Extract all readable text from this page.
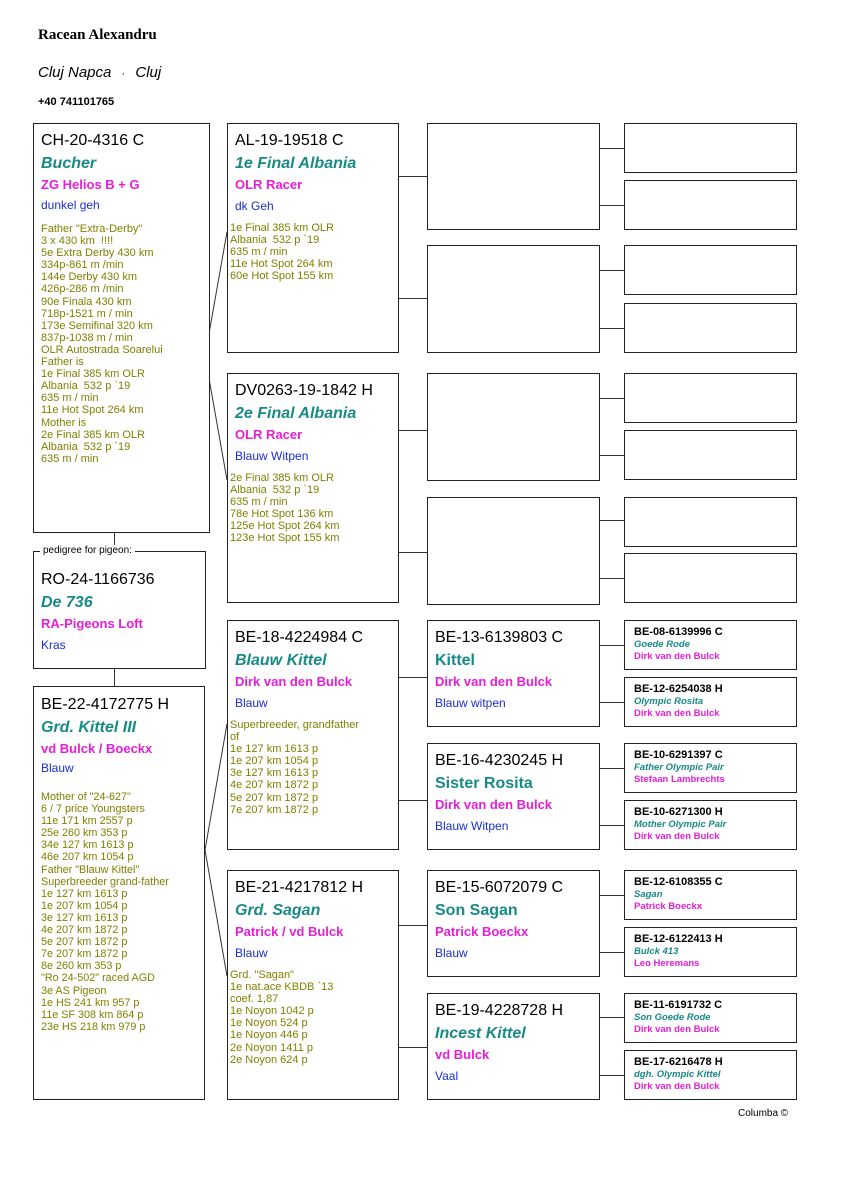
Racean Alexandru
Cluj Napca · Cluj
+40 741101765
CH-20-4316 C
Bucher
ZG Helios B + G
dunkel geh
Father "Extra-Derby"
3 x 430 km  !!!!
5e Extra Derby 430 km
334p-861 m /min
144e Derby 430 km
426p-286 m /min
90e Finala 430 km
718p-1521 m / min
173e Semifinal 320 km
837p-1038 m / min
OLR Autostrada Soarelui
Father is
1e Final 385 km OLR
Albania  532 p `19
635 m / min
11e Hot Spot 264 km
Mother is
2e Final 385 km OLR
Albania  532 p `19
635 m / min
RO-24-1166736
De 736
RA-Pigeons Loft
Kras
pedigree for pigeon:
BE-22-4172775 H
Grd. Kittel III
vd Bulck / Boeckx
Blauw
Mother of "24-627"
6 / 7 price Youngsters
11e 171 km 2557 p
25e 260 km 353 p
34e 127 km 1613 p
46e 207 km 1054 p
Father "Blauw Kittel"
Superbreeder grand-father
1e 127 km 1613 p
1e 207 km 1054 p
3e 127 km 1613 p
4e 207 km 1872 p
5e 207 km 1872 p
7e 207 km 1872 p
8e 260 km 353 p
"Ro 24-502" raced AGD
3e AS Pigeon
1e HS 241 km 957 p
11e SF 308 km 864 p
23e HS 218 km 979 p
AL-19-19518 C
1e Final Albania
OLR Racer
dk Geh
1e Final 385 km OLR
Albania  532 p `19
635 m / min
11e Hot Spot 264 km
60e Hot Spot 155 km
DV0263-19-1842 H
2e Final Albania
OLR Racer
Blauw Witpen
2e Final 385 km OLR
Albania  532 p `19
635 m / min
78e Hot Spot 136 km
125e Hot Spot 264 km
123e Hot Spot 155 km
BE-18-4224984 C
Blauw Kittel
Dirk van den Bulck
Blauw
Superbreeder, grandfather
of
1e 127 km 1613 p
1e 207 km 1054 p
3e 127 km 1613 p
4e 207 km 1872 p
5e 207 km 1872 p
7e 207 km 1872 p
BE-21-4217812 H
Grd. Sagan
Patrick / vd Bulck
Blauw
Grd. "Sagan"
1e nat.ace KBDB `13
coef. 1,87
1e Noyon 1042 p
1e Noyon 524 p
1e Noyon 446 p
2e Noyon 1411 p
2e Noyon 624 p
BE-13-6139803 C
Kittel
Dirk van den Bulck
Blauw witpen
BE-16-4230245 H
Sister Rosita
Dirk van den Bulck
Blauw Witpen
BE-15-6072079 C
Son Sagan
Patrick Boeckx
Blauw
BE-19-4228728 H
Incest Kittel
vd Bulck
Vaal
BE-08-6139996 C
Goede Rode
Dirk van den Bulck
BE-12-6254038 H
Olympic Rosita
Dirk van den Bulck
BE-10-6291397 C
Father Olympic Pair
Stefaan Lambrechts
BE-10-6271300 H
Mother Olympic Pair
Dirk van den Bulck
BE-12-6108355 C
Sagan
Patrick Boeckx
BE-12-6122413 H
Bulck 413
Leo Heremans
BE-11-6191732 C
Son Goede Rode
Dirk van den Bulck
BE-17-6216478 H
dgh. Olympic Kittel
Dirk van den Bulck
Columba ©
